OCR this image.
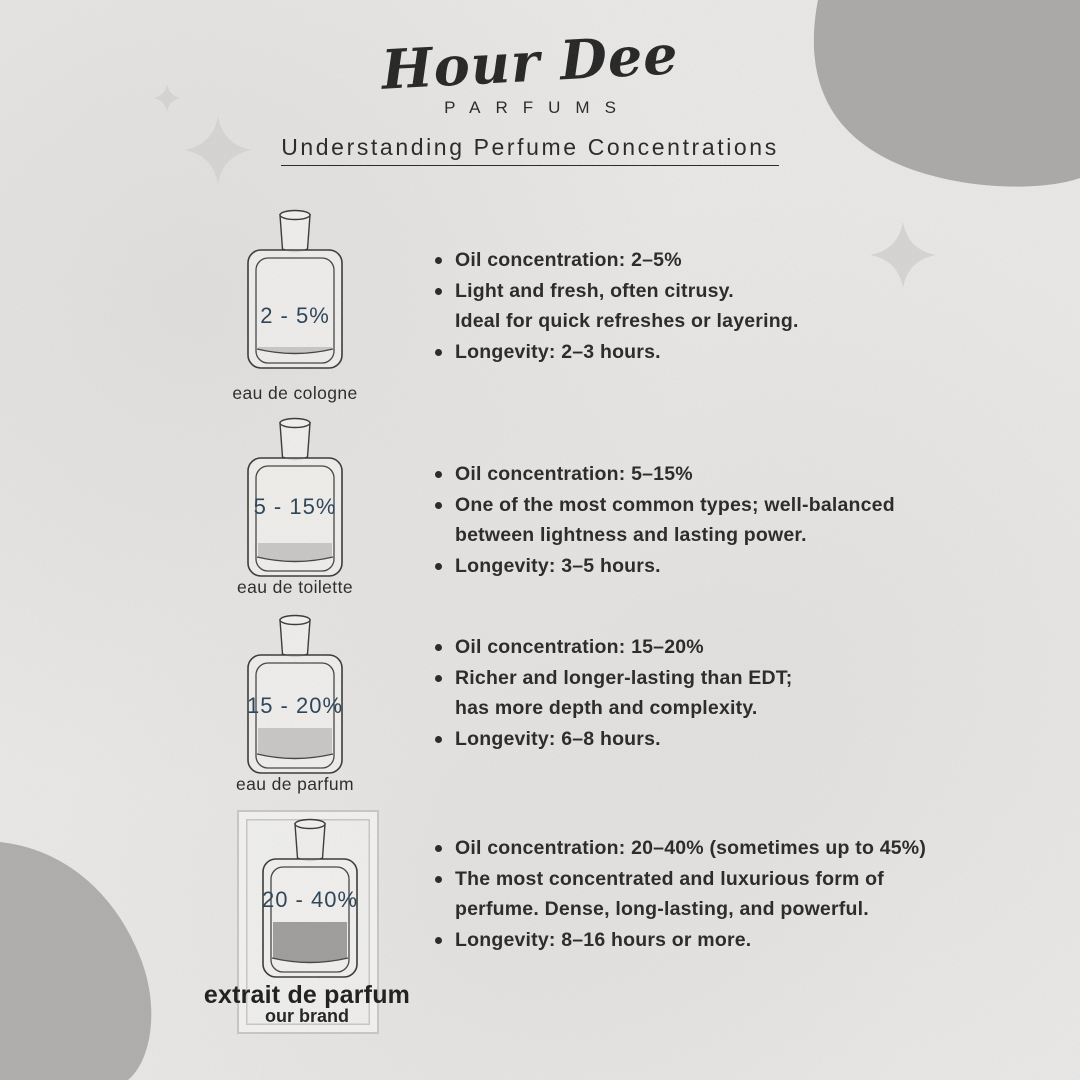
Hour Dee
PARFUMS
Understanding Perfume Concentrations
2 - 5%
eau de cologne
Oil concentration: 2–5%
Light and fresh, often citrusy.
Ideal for quick refreshes or layering.
Longevity: 2–3 hours.
5 - 15%
eau de toilette
Oil concentration: 5–15%
One of the most common types; well-balanced
between lightness and lasting power.
Longevity: 3–5 hours.
15 - 20%
eau de parfum
Oil concentration: 15–20%
Richer and longer-lasting than EDT;
has more depth and complexity.
Longevity: 6–8 hours.
20 - 40%
extrait de parfum
our brand
Oil concentration: 20–40% (sometimes up to 45%)
The most concentrated and luxurious form of
perfume. Dense, long-lasting, and powerful.
Longevity: 8–16 hours or more.
